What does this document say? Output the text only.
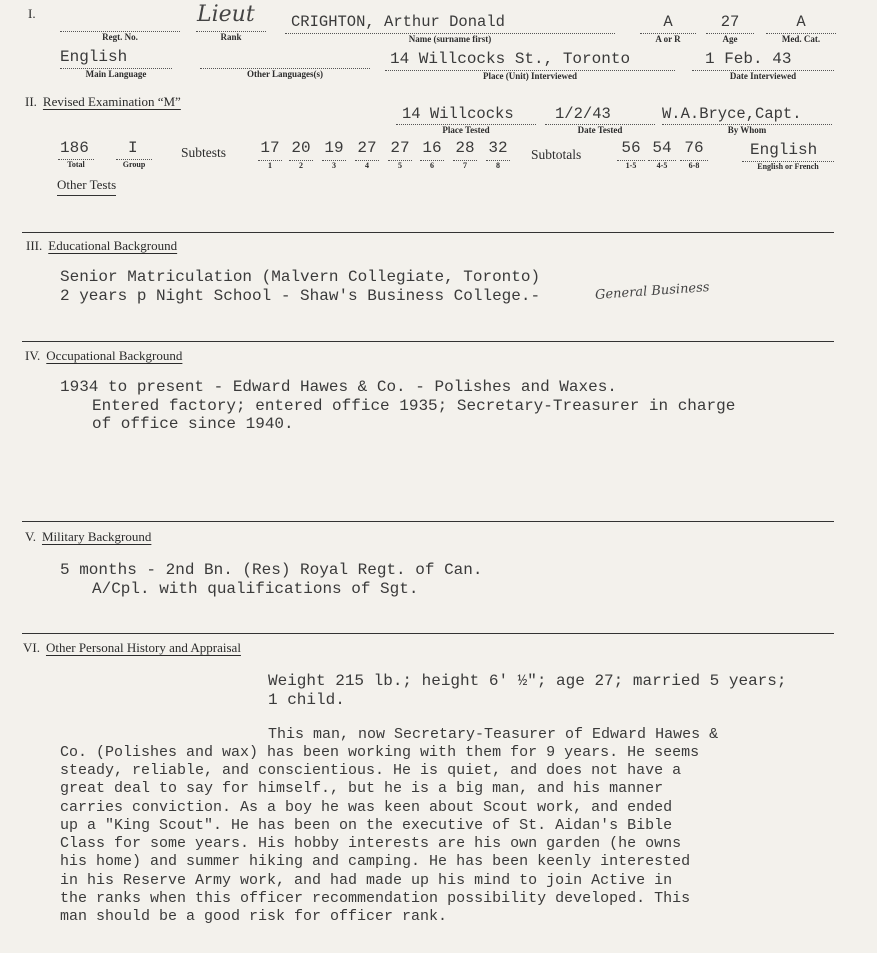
I.
Regt. No.
Lieut
Rank
CRIGHTON, Arthur Donald
Name (surname first)
A
A or R
27
Age
A
Med. Cat.
English
Main Language	Other Languages(s)
14 Willcocks St., Toronto
Place (Unit) Interviewed
1 Feb. 43
Date Interviewed
II. Revised Examination “M”
14 Willcocks
Place Tested
1/2/43
Date Tested
W.A.Bryce,Capt.
By Whom
186
Total
I
Group
Subtests 17
1
20
2
19
3
27
4
27
5
16
6
28
7
32
8
Subtotals	56
1-5
54
4-5
76
6-8
English
English or French
Other Tests
III. Educational Background
Senior Matriculation (Malvern Collegiate, Toronto)
2 years p Night School - Shaw's Business College.-	General Business
IV. Occupational Background
1934 to present - Edward Hawes & Co. - Polishes and Waxes.
Entered factory; entered office 1935; Secretary-Treasurer in charge
of office since 1940.
V. Military Background
5 months - 2nd Bn. (Res) Royal Regt. of Can.
A/Cpl. with qualifications of Sgt.
VI. Other Personal History and Appraisal
Weight 215 lb.; height 6' ½"; age 27; married 5 years;
1 child.
This man, now Secretary-Teasurer of Edward Hawes &
Co. (Polishes and wax) has been working with them for 9 years. He seems
steady, reliable, and conscientious. He is quiet, and does not have a
great deal to say for himself., but he is a big man, and his manner
carries conviction. As a boy he was keen about Scout work, and ended
up a "King Scout". He has been on the executive of St. Aidan's Bible
Class for some years. His hobby interests are his own garden (he owns
his home) and summer hiking and camping. He has been keenly interested
in his Reserve Army work, and had made up his mind to join Active in
the ranks when this officer recommendation possibility developed. This
man should be a good risk for officer rank.
